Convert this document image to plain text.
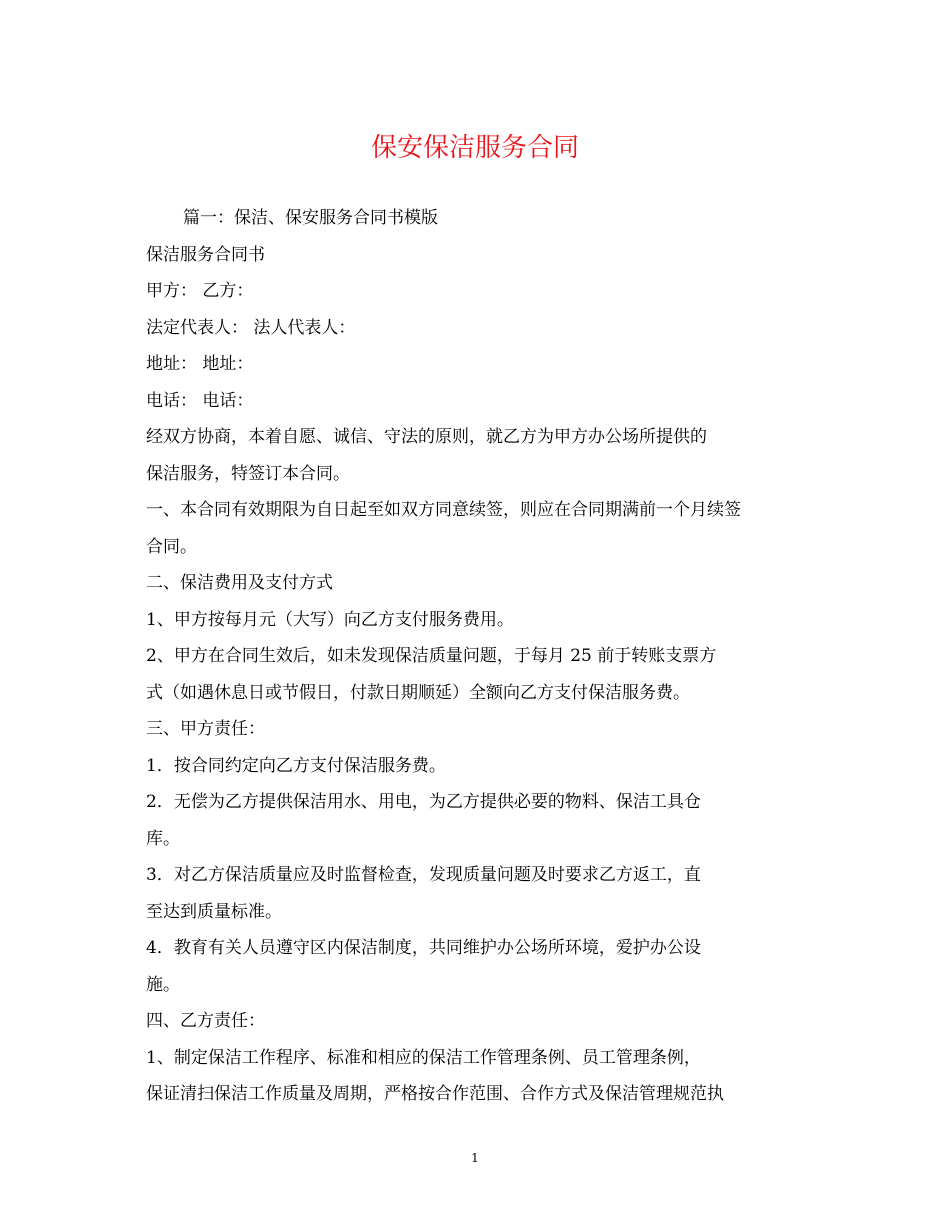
保安保洁服务合同

篇一：保洁、保安服务合同书模版

保洁服务合同书

甲方： 乙方：

法定代表人： 法人代表人：

地址： 地址：

电话： 电话：

经双方协商，本着自愿、诚信、守法的原则，就乙方为甲方办公场所提供的

保洁服务，特签订本合同。

一、本合同有效期限为自日起至如双方同意续签，则应在合同期满前一个月续签

合同。

二、保洁费用及支付方式

1、甲方按每月元（大写）向乙方支付服务费用。

2、甲方在合同生效后，如未发现保洁质量问题，于每月 25 前于转账支票方

式（如遇休息日或节假日，付款日期顺延）全额向乙方支付保洁服务费。

三、甲方责任：

1．按合同约定向乙方支付保洁服务费。

2．无偿为乙方提供保洁用水、用电，为乙方提供必要的物料、保洁工具仓

库。

3．对乙方保洁质量应及时监督检查，发现质量问题及时要求乙方返工，直

至达到质量标准。

4．教育有关人员遵守区内保洁制度，共同维护办公场所环境，爱护办公设

施。

四、乙方责任：

1、制定保洁工作程序、标准和相应的保洁工作管理条例、员工管理条例，

保证清扫保洁工作质量及周期，严格按合作范围、合作方式及保洁管理规范执

1
